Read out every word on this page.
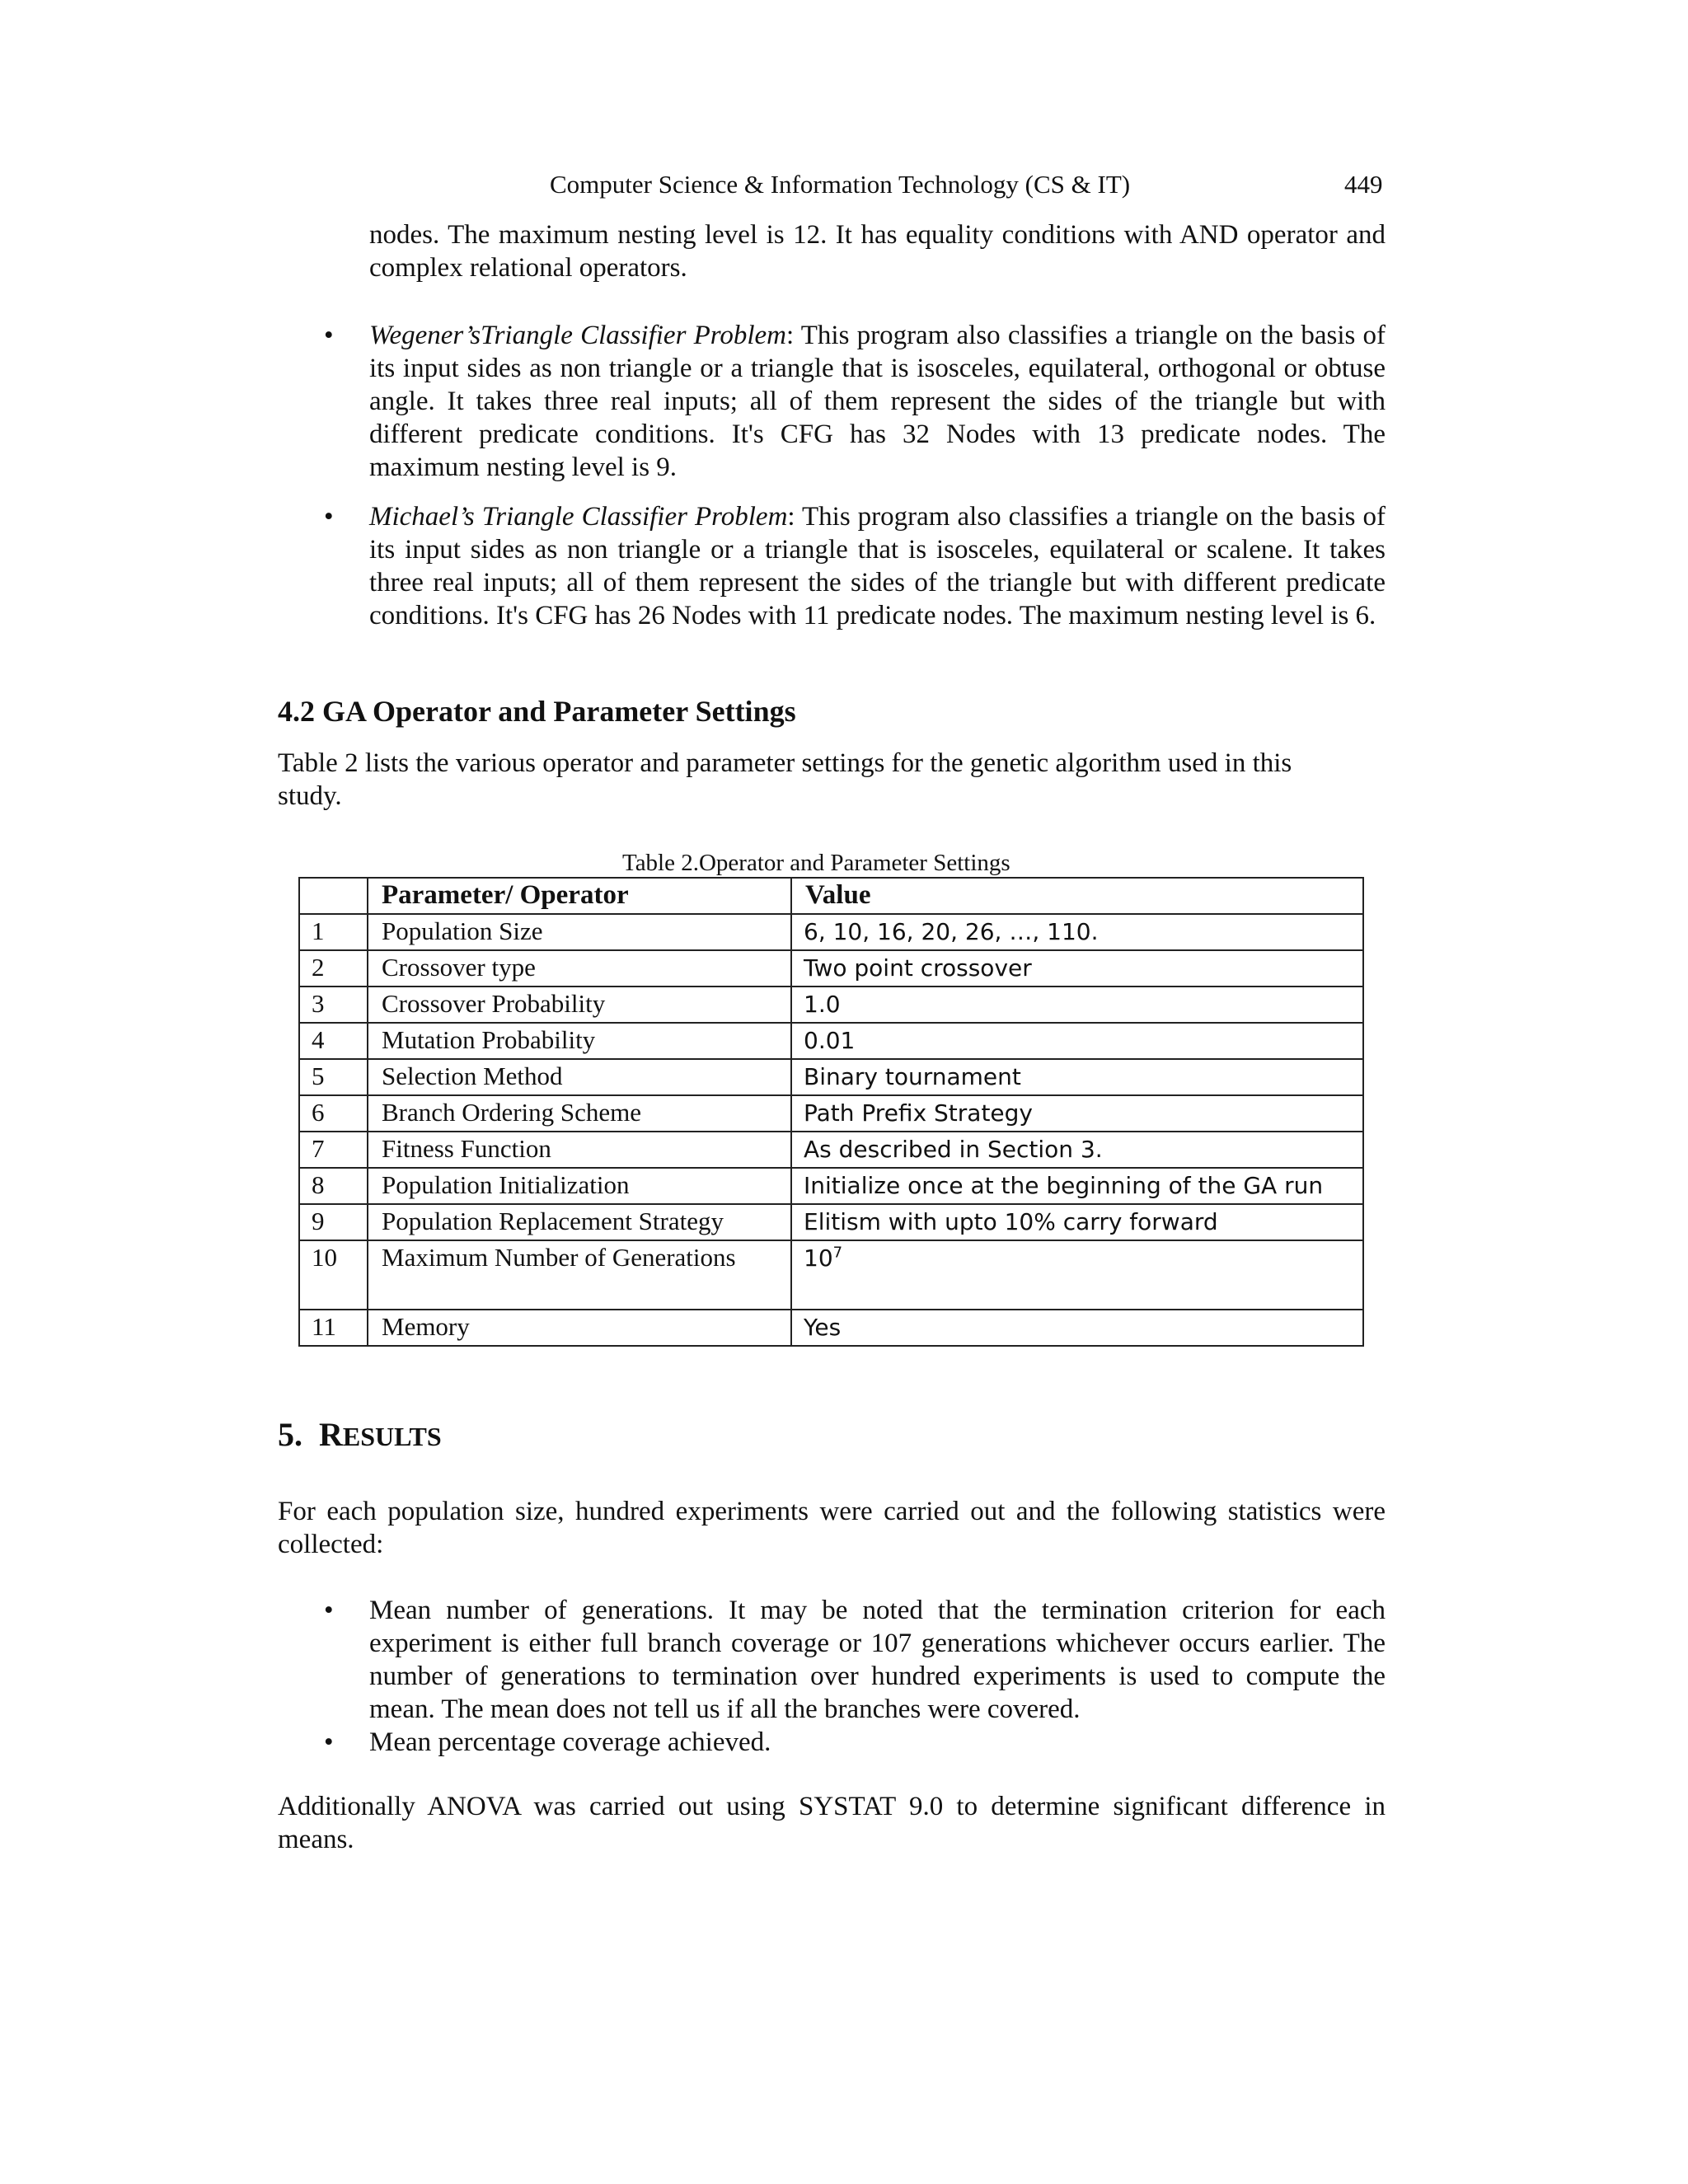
Computer Science & Information Technology (CS & IT)	449
nodes. The maximum nesting level is 12. It has equality conditions with AND operator and complex relational operators.
• Wegener’sTriangle Classifier Problem: This program also classifies a triangle on the basis of its input sides as non triangle or a triangle that is isosceles, equilateral, orthogonal or obtuse angle. It takes three real inputs; all of them represent the sides of the triangle but with different predicate conditions. It's CFG has 32 Nodes with 13 predicate nodes. The maximum nesting level is 9.
• Michael’s Triangle Classifier Problem: This program also classifies a triangle on the basis of its input sides as non triangle or a triangle that is isosceles, equilateral or scalene. It takes three real inputs; all of them represent the sides of the triangle but with different predicate conditions. It's CFG has 26 Nodes with 11 predicate nodes. The maximum nesting level is 6.
4.2 GA Operator and Parameter Settings
Table 2 lists the various operator and parameter settings for the genetic algorithm used in this study.
Table 2.Operator and Parameter Settings
	Parameter/ Operator	Value
1	Population Size	6, 10, 16, 20, 26, …, 110.
2	Crossover type	Two point crossover
3	Crossover Probability	1.0
4	Mutation Probability	0.01
5	Selection Method	Binary tournament
6	Branch Ordering Scheme	Path Prefix Strategy
7	Fitness Function	As described in Section 3.
8	Population Initialization	Initialize once at the beginning of the GA run
9	Population Replacement Strategy	Elitism with upto 10% carry forward
10	Maximum Number of Generations	$10^7$
11	Memory	Yes
5. RESULTS
For each population size, hundred experiments were carried out and the following statistics were collected:
• Mean number of generations. It may be noted that the termination criterion for each experiment is either full branch coverage or 107 generations whichever occurs earlier. The number of generations to termination over hundred experiments is used to compute the mean. The mean does not tell us if all the branches were covered.
• Mean percentage coverage achieved.
Additionally ANOVA was carried out using SYSTAT 9.0 to determine significant difference in means.
